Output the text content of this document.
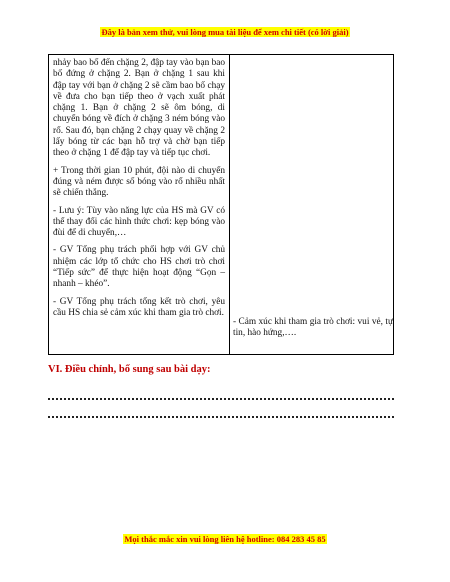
Đây là bản xem thử, vui lòng mua tài liệu để xem chi tiết (có lời giải)

nhảy bao bố đến chặng 2, đập tay vào bạn bao bố đứng ở chặng 2. Bạn ở chặng 1 sau khi đập tay với bạn ở chặng 2 sẽ cầm bao bố chạy về đưa cho bạn tiếp theo ở vạch xuất phát chặng 1. Bạn ở chặng 2 sẽ ôm bóng, di chuyển bóng về đích ở chặng 3 ném bóng vào rổ. Sau đó, bạn chặng 2 chạy quay về chặng 2 lấy bóng từ các bạn hỗ trợ và chờ bạn tiếp theo ở chặng 1 để đập tay và tiếp tục chơi.

+ Trong thời gian 10 phút, đội nào di chuyển đúng và ném được số bóng vào rổ nhiều nhất sẽ chiến thắng.

- Lưu ý: Tùy vào năng lực của HS mà GV có thể thay đổi các hình thức chơi: kẹp bóng vào đùi để di chuyển,…

- GV Tổng phụ trách phối hợp với GV chủ nhiệm các lớp tổ chức cho HS chơi trò chơi “Tiếp sức” để thực hiện hoạt động “Gọn – nhanh – khéo”.

- GV Tổng phụ trách tổng kết trò chơi, yêu cầu HS chia sẻ cảm xúc khi tham gia trò chơi.

- Cảm xúc khi tham gia trò chơi: vui vẻ, tự tin, hào hứng,….

VI. Điều chỉnh, bổ sung sau bài dạy:
Mọi thắc mắc xin vui lòng liên hệ hotline: 084 283 45 85
